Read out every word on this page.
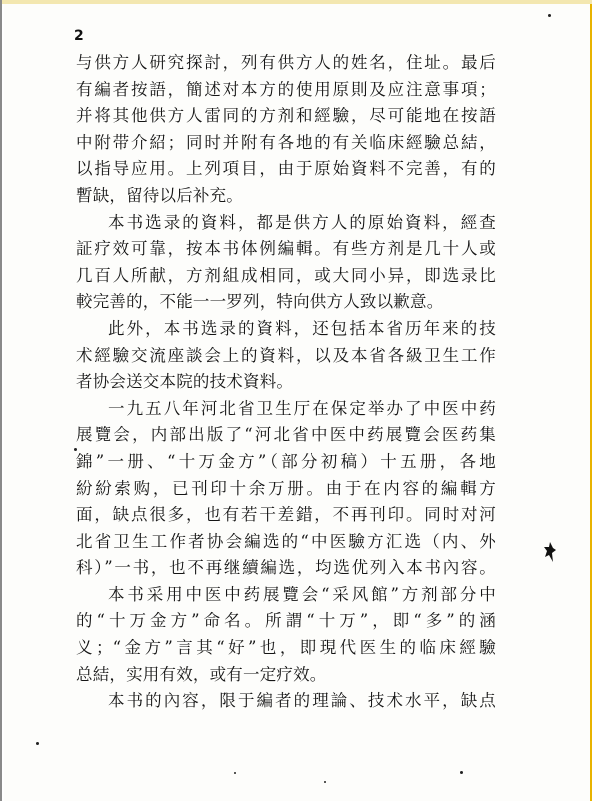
2
与供方人研究探討，列有供方人的姓名，住址。最后
有編者按語，簡述对本方的使用原則及应注意事項；
并将其他供方人雷同的方剂和經驗，尽可能地在按語
中附带介紹；同时并附有各地的有关临床經驗总結，
以指导应用。上列項目，由于原始資料不完善，有的
暫缺，留待以后补充。
本书选录的資料，都是供方人的原始資料，經查
証疗效可靠，按本书体例編輯。有些方剂是几十人或
几百人所献，方剂組成相同，或大同小异，即选录比
較完善的，不能一一罗列，特向供方人致以歉意。
此外，本书选录的資料，还包括本省历年来的技
术經驗交流座談会上的資料，以及本省各級卫生工作
者协会送交本院的技术資料。
一九五八年河北省卫生厅在保定举办了中医中药
展覽会，内部出版了“河北省中医中药展覽会医药集
錦”一册、“十万金方”（部分初稿）十五册，各地
紛紛索购，已刊印十余万册。由于在内容的編輯方
面，缺点很多，也有若干差錯，不再刊印。同时对河
北省卫生工作者协会編选的“中医驗方汇选（内、外
科）”一书，也不再继續編选，均选优列入本书內容。
本书采用中医中药展覽会“采风館”方剂部分中
的“十万金方”命名。所謂“十万”，即“多”的涵
义；“金方”言其“好”也，即現代医生的临床經驗
总結，实用有效，或有一定疗效。
本书的內容，限于編者的理論、技术水平，缺点
